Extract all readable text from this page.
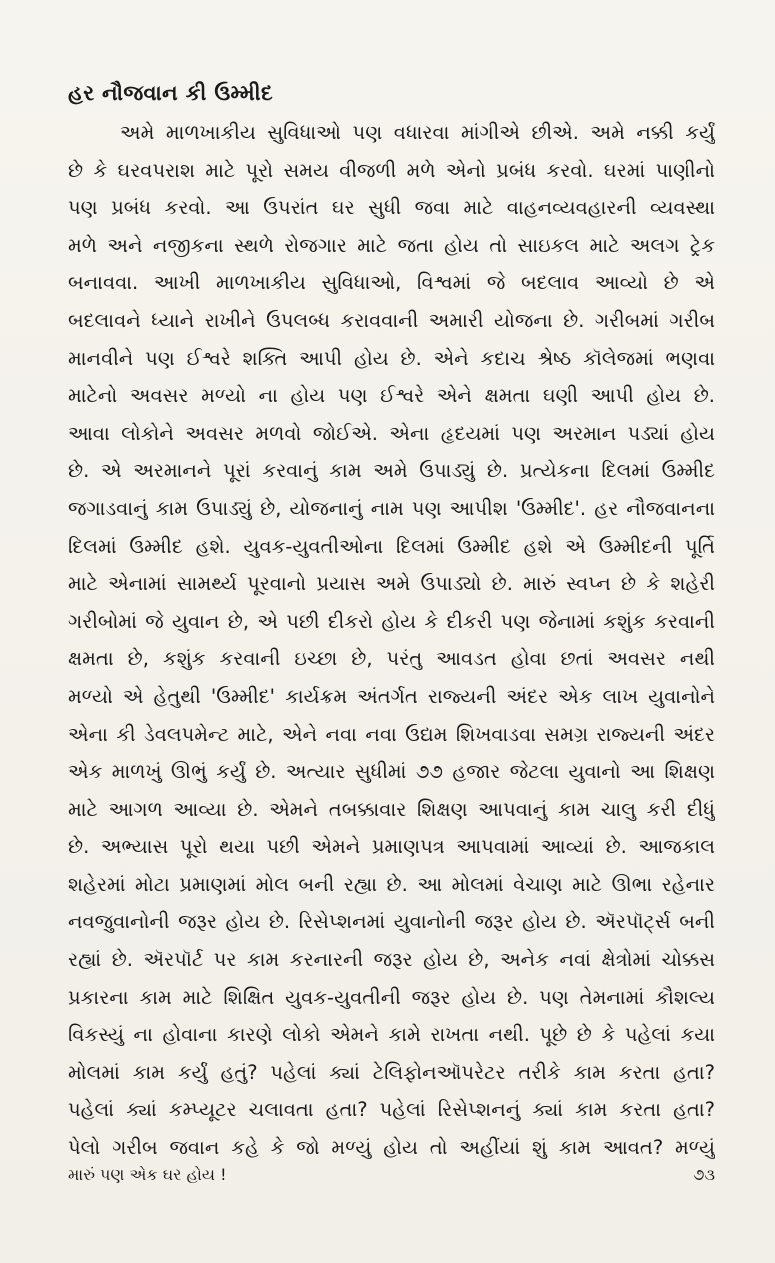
હર નૌજવાન કી ઉમ્મીદ
અમે માળખાકીય સુવિધાઓ પણ વધારવા માંગીએ છીએ. અમે નક્કી કર્યું
છે કે ઘરવપરાશ માટે પૂરો સમય વીજળી મળે એનો પ્રબંધ કરવો. ઘરમાં પાણીનો
પણ પ્રબંધ કરવો. આ ઉપરાંત ઘર સુધી જવા માટે વાહનવ્યવહારની વ્યવસ્થા
મળે અને નજીકના સ્થળે રોજગાર માટે જતા હોય તો સાઇકલ માટે અલગ ટ્રેક
બનાવવા. આખી માળખાકીય સુવિધાઓ, વિશ્વમાં જે બદલાવ આવ્યો છે એ
બદલાવને ધ્યાને રાખીને ઉપલબ્ધ કરાવવાની અમારી યોજના છે. ગરીબમાં ગરીબ
માનવીને પણ ઈશ્વરે શક્તિ આપી હોય છે. એને કદાચ શ્રેષ્ઠ કૉલેજમાં ભણવા
માટેનો અવસર મળ્યો ના હોય પણ ઈશ્વરે એને ક્ષમતા ઘણી આપી હોય છે.
આવા લોકોને અવસર મળવો જોઈએ. એના હૃદયમાં પણ અરમાન પડ્યાં હોય
છે. એ અરમાનને પૂરાં કરવાનું કામ અમે ઉપાડ્યું છે. પ્રત્યેકના દિલમાં ઉમ્મીદ
જગાડવાનું કામ ઉપાડ્યું છે, યોજનાનું નામ પણ આપીશ 'ઉમ્મીદ'. હર નૌજવાનના
દિલમાં ઉમ્મીદ હશે. યુવક-યુવતીઓના દિલમાં ઉમ્મીદ હશે એ ઉમ્મીદની પૂર્તિ
માટે એનામાં સામર્થ્ય પૂરવાનો પ્રયાસ અમે ઉપાડ્યો છે. મારું સ્વપ્ન છે કે શહેરી
ગરીબોમાં જે યુવાન છે, એ પછી દીકરો હોય કે દીકરી પણ જેનામાં કશુંક કરવાની
ક્ષમતા છે, કશુંક કરવાની ઇચ્છા છે, પરંતુ આવડત હોવા છતાં અવસર નથી
મળ્યો એ હેતુથી 'ઉમ્મીદ' કાર્યક્રમ અંતર્ગત રાજ્યની અંદર એક લાખ યુવાનોને
એના કી ડેવલપમેન્ટ માટે, એને નવા નવા ઉદ્યમ શિખવાડવા સમગ્ર રાજ્યની અંદર
એક માળખું ઊભું કર્યું છે. અત્યાર સુધીમાં ૭૭ હજાર જેટલા યુવાનો આ શિક્ષણ
માટે આગળ આવ્યા છે. એમને તબક્કાવાર શિક્ષણ આપવાનું કામ ચાલુ કરી દીધું
છે. અભ્યાસ પૂરો થયા પછી એમને પ્રમાણપત્ર આપવામાં આવ્યાં છે. આજકાલ
શહેરમાં મોટા પ્રમાણમાં મોલ બની રહ્યા છે. આ મોલમાં વેચાણ માટે ઊભા રહેનાર
નવજુવાનોની જરૂર હોય છે. રિસેપ્શનમાં યુવાનોની જરૂર હોય છે. ઍરપૉર્ટ્સ બની
રહ્યાં છે. ઍરપૉર્ટ પર કામ કરનારની જરૂર હોય છે, અનેક નવાં ક્ષેત્રોમાં ચોક્કસ
પ્રકારના કામ માટે શિક્ષિત યુવક-યુવતીની જરૂર હોય છે. પણ તેમનામાં કૌશલ્ય
વિકસ્યું ના હોવાના કારણે લોકો એમને કામે રાખતા નથી. પૂછે છે કે પહેલાં કયા
મોલમાં કામ કર્યું હતું? પહેલાં ક્યાં ટેલિફોનઑપરેટર તરીકે કામ કરતા હતા?
પહેલાં ક્યાં કમ્પ્યૂટર ચલાવતા હતા? પહેલાં રિસેપ્શનનું ક્યાં કામ કરતા હતા?
પેલો ગરીબ જવાન કહે કે જો મળ્યું હોય તો અહીંયાં શું કામ આવત? મળ્યું
મારું પણ એક ઘર હોય !	૭૩
